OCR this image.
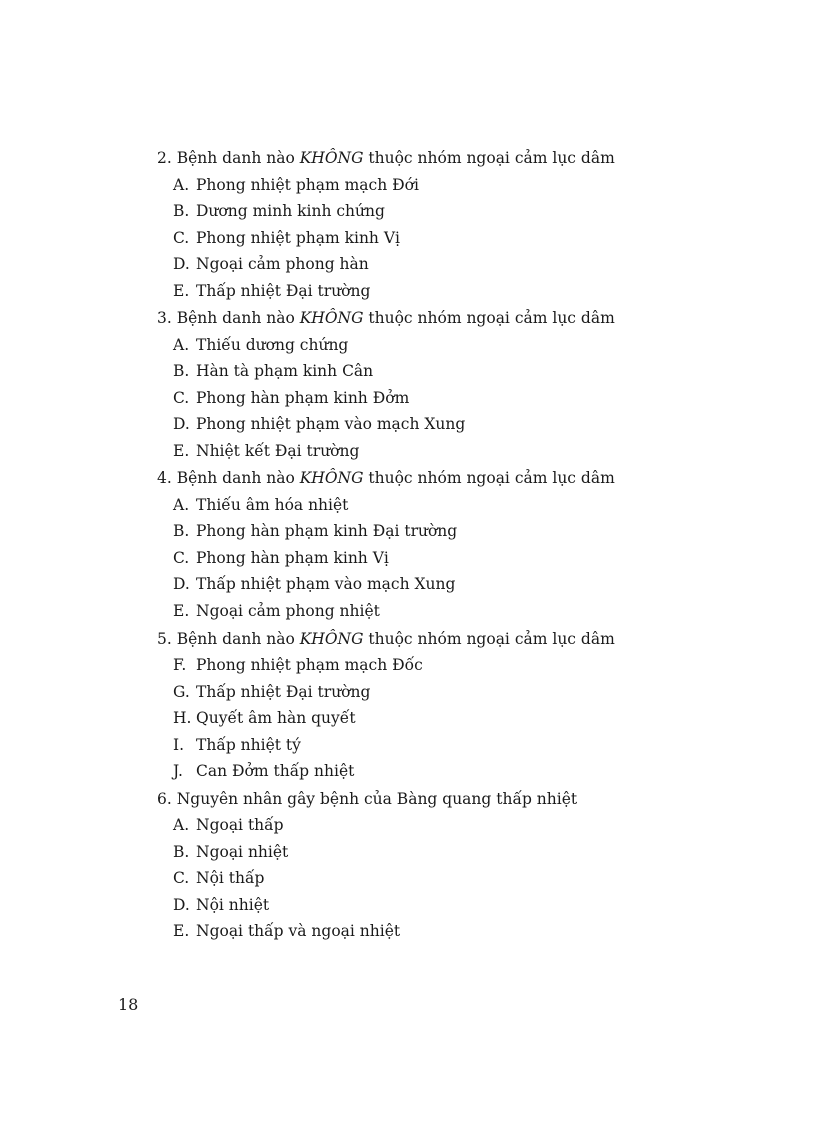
2. Bệnh danh nào KHÔNG thuộc nhóm ngoại cảm lục dâm
A. Phong nhiệt phạm mạch Đới
B. Dương minh kinh chứng
C. Phong nhiệt phạm kinh Vị
D. Ngoại cảm phong hàn
E. Thấp nhiệt Đại trường
3. Bệnh danh nào KHÔNG thuộc nhóm ngoại cảm lục dâm
A. Thiếu dương chứng
B. Hàn tà phạm kinh Cân
C. Phong hàn phạm kinh Đởm
D. Phong nhiệt phạm vào mạch Xung
E. Nhiệt kết Đại trường
4. Bệnh danh nào KHÔNG thuộc nhóm ngoại cảm lục dâm
A. Thiếu âm hóa nhiệt
B. Phong hàn phạm kinh Đại trường
C. Phong hàn phạm kinh Vị
D. Thấp nhiệt phạm vào mạch Xung
E. Ngoại cảm phong nhiệt
5. Bệnh danh nào KHÔNG thuộc nhóm ngoại cảm lục dâm
F. Phong nhiệt phạm mạch Đốc
G. Thấp nhiệt Đại trường
H. Quyết âm hàn quyết
I. Thấp nhiệt tý
J. Can Đởm thấp nhiệt
6. Nguyên nhân gây bệnh của Bàng quang thấp nhiệt
A. Ngoại thấp
B. Ngoại nhiệt
C. Nội thấp
D. Nội nhiệt
E. Ngoại thấp và ngoại nhiệt
18
